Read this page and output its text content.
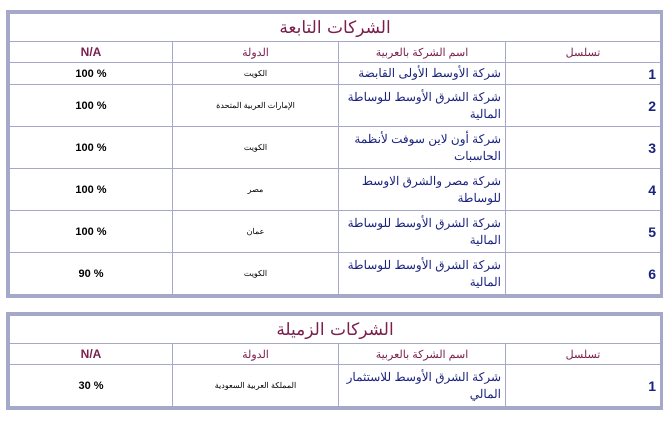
الشركات التابعة			
N/A	الدولة	اسم الشركة بالعربية	تسلسل
100 %	الكويت	شركة الأوسط الأولى القابضة	1
100 %	الإمارات العربية المتحدة	شركة الشرق الأوسط للوساطة المالية	2
100 %	الكويت	شركة أون لاين سوفت لأنظمة الحاسبات	3
100 %	مصر	شركة مصر والشرق الاوسط للوساطة	4
100 %	عمان	شركة الشرق الأوسط للوساطة المالية	5
90 %	الكويت	شركة الشرق الأوسط للوساطة المالية	6
الشركات الزميلة			
N/A	الدولة	اسم الشركة بالعربية	تسلسل
30 %	المملكة العربية السعودية	شركة الشرق الأوسط للاستثمار المالي	1
